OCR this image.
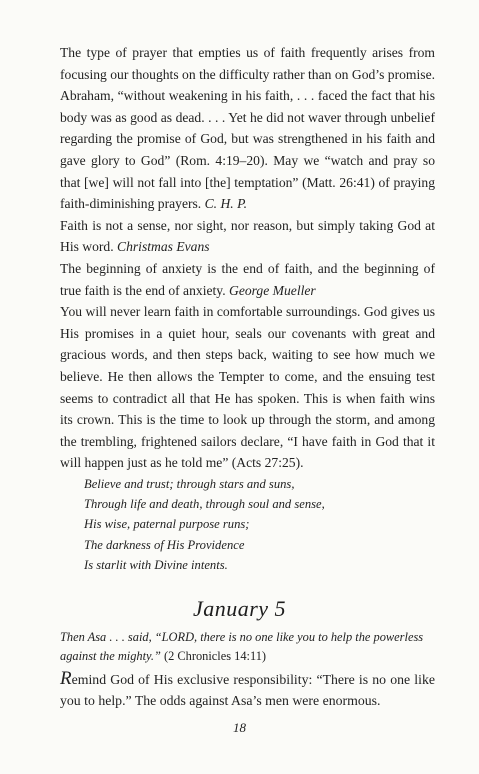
The type of prayer that empties us of faith frequently arises from focusing our thoughts on the difficulty rather than on God’s promise. Abraham, “without weakening in his faith, . . . faced the fact that his body was as good as dead. . . . Yet he did not waver through unbelief regarding the promise of God, but was strengthened in his faith and gave glory to God” (Rom. 4:19–20). May we “watch and pray so that [we] will not fall into [the] temptation” (Matt. 26:41) of praying faith-diminishing prayers. C. H. P.

Faith is not a sense, nor sight, nor reason, but simply taking God at His word. Christmas Evans

The beginning of anxiety is the end of faith, and the beginning of true faith is the end of anxiety. George Mueller

You will never learn faith in comfortable surroundings. God gives us His promises in a quiet hour, seals our covenants with great and gracious words, and then steps back, waiting to see how much we believe. He then allows the Tempter to come, and the ensuing test seems to contradict all that He has spoken. This is when faith wins its crown. This is the time to look up through the storm, and among the trembling, frightened sailors declare, “I have faith in God that it will happen just as he told me” (Acts 27:25).

Believe and trust; through stars and suns,
Through life and death, through soul and sense,
His wise, paternal purpose runs;
The darkness of His Providence
Is starlit with Divine intents.
January 5
Then Asa . . . said, “LORD, there is no one like you to help the powerless against the mighty.” (2 Chronicles 14:11)
Remind God of His exclusive responsibility: “There is no one like you to help.” The odds against Asa’s men were enormous.
18
